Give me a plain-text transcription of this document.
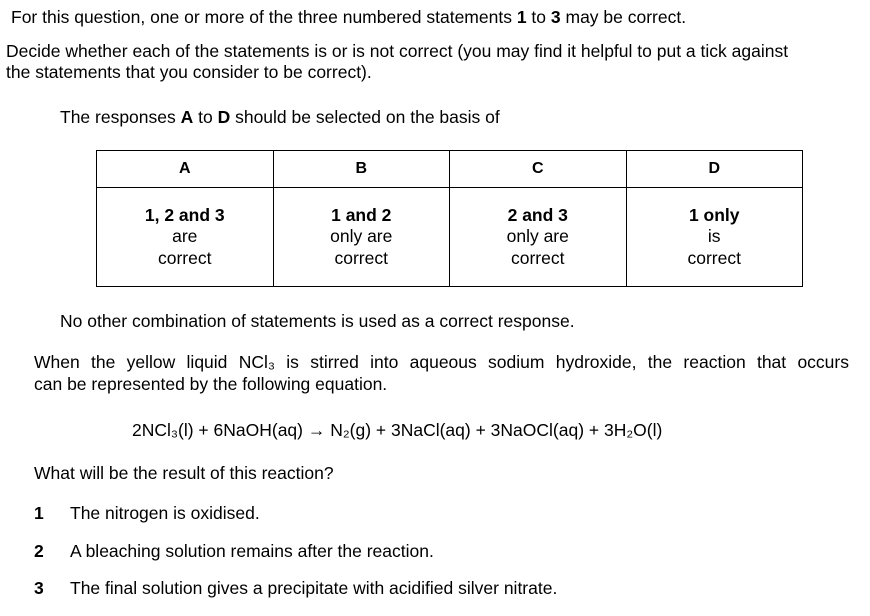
For this question, one or more of the three numbered statements 1 to 3 may be correct.
Decide whether each of the statements is or is not correct (you may find it helpful to put a tick against
the statements that you consider to be correct).
The responses A to D should be selected on the basis of
A	B	C	D

1, 2 and 3
are
correct	1 and 2
only are
correct	2 and 3
only are
correct	1 only
is
correct
No other combination of statements is used as a correct response.
When the yellow liquid NCl₃ is stirred into aqueous sodium hydroxide, the reaction that occurs
can be represented by the following equation.
2NCl₃(l) + 6NaOH(aq) → N₂(g) + 3NaCl(aq) + 3NaOCl(aq) + 3H₂O(l)
What will be the result of this reaction?
1 The nitrogen is oxidised.
2 A bleaching solution remains after the reaction.
3 The final solution gives a precipitate with acidified silver nitrate.
